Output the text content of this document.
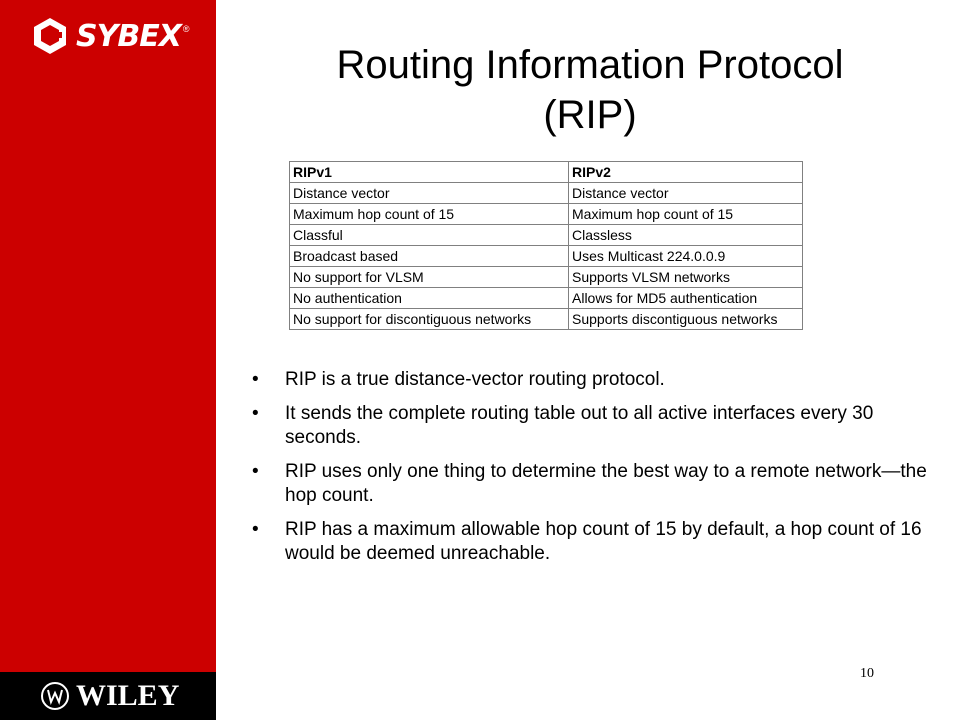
SYBEX ®
WILEY
Routing Information Protocol
(RIP)
RIPv1	RIPv2
Distance vector	Distance vector
Maximum hop count of 15	Maximum hop count of 15
Classful	Classless
Broadcast based	Uses Multicast 224.0.0.9
No support for VLSM	Supports VLSM networks
No authentication	Allows for MD5 authentication
No support for discontiguous networks	Supports discontiguous networks
• RIP is a true distance-vector routing protocol.
• It sends the complete routing table out to all active interfaces every 30 seconds.
• RIP uses only one thing to determine the best way to a remote network—the hop count.
• RIP has a maximum allowable hop count of 15 by default, a hop count of 16 would be deemed unreachable.
10
